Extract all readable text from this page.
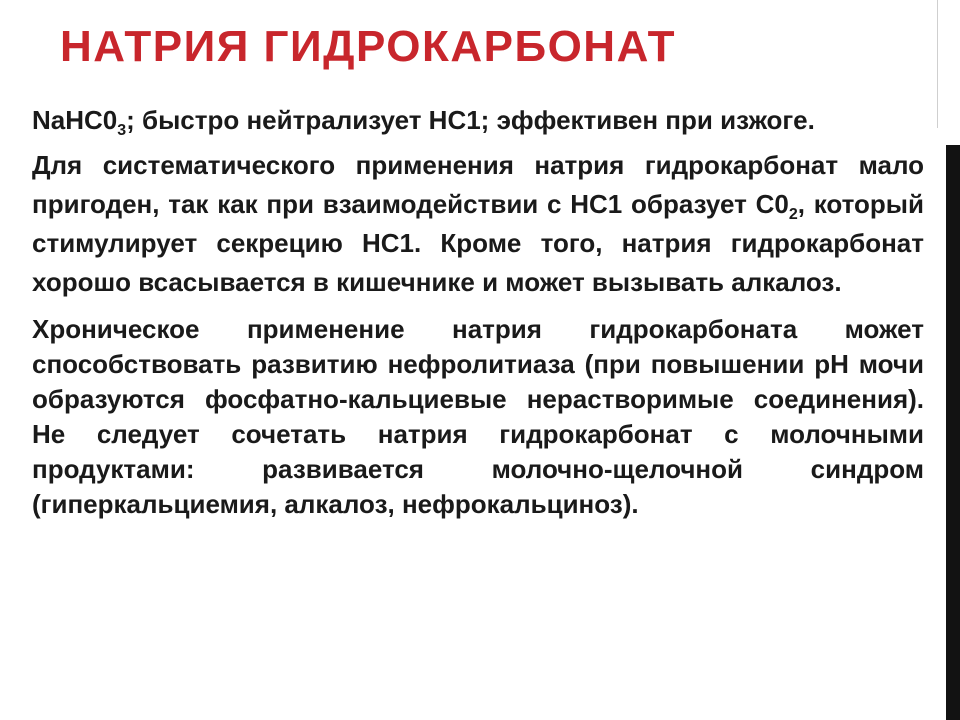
НАТРИЯ ГИДРОКАРБОНАТ

$NaHC0_3$; быстро нейтрализует НС1; эффективен при изжоге.

Для систематического применения натрия гидрокарбонат мало пригоден, так как при взаимодействии с НС1 образует $С0_2$, который стимулирует секрецию НС1. Кроме того, натрия гидрокарбонат хорошо всасывается в кишечнике и может вызывать алкалоз.

Хроническое применение натрия гидрокарбоната может способствовать развитию нефролитиаза (при повышении рН мочи образуются фосфатно-кальциевые нерастворимые соединения). Не следует сочетать натрия гидрокарбонат с молочными продуктами: развивается молочно-щелочной синдром (гиперкальциемия, алкалоз, нефрокальциноз).
